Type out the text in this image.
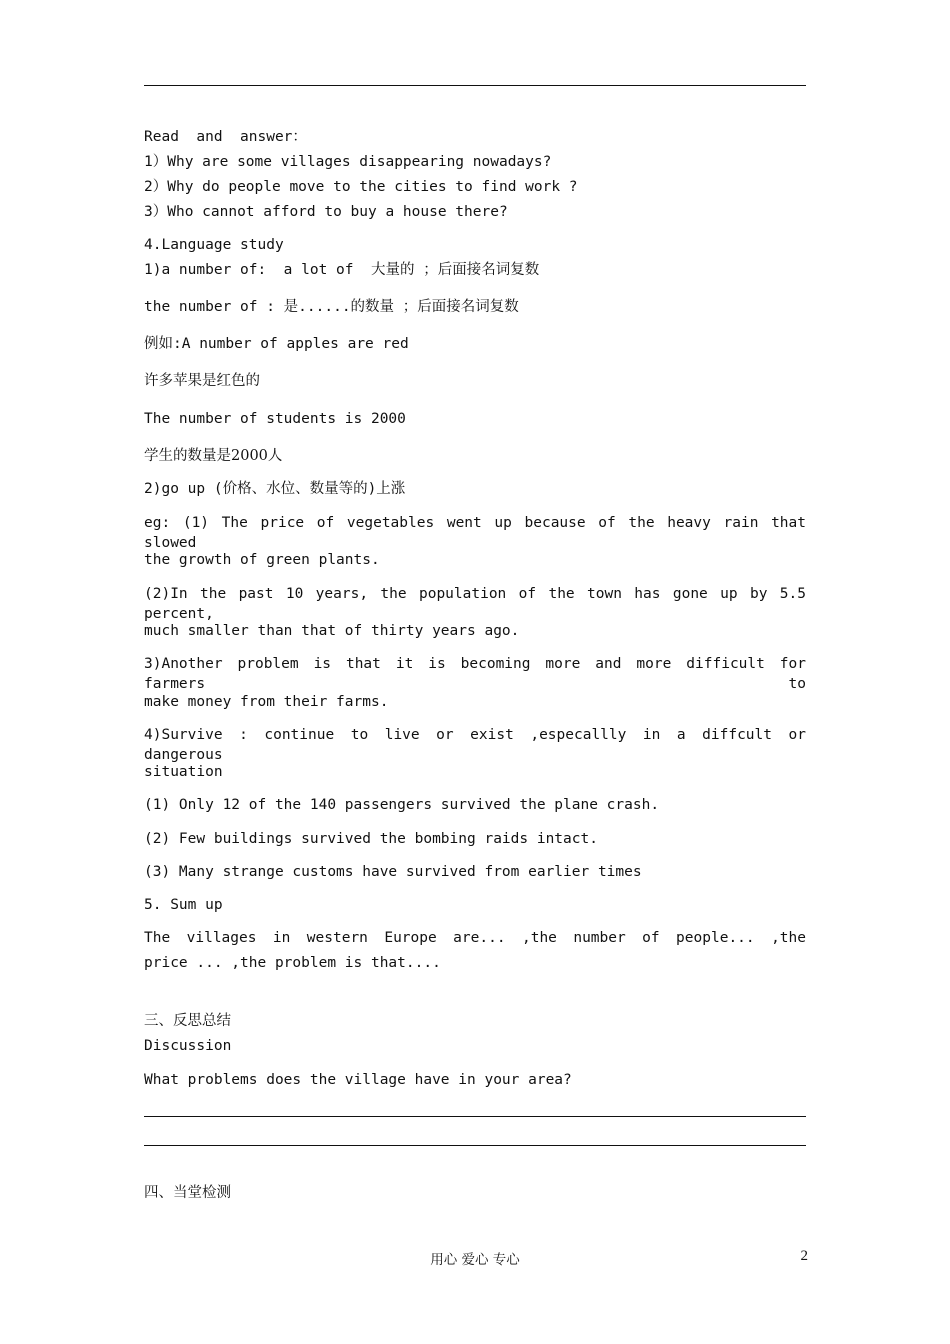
Read  and  answer：
1）Why are some villages disappearing nowadays?
2）Why do people move to the cities to find work ?
3）Who cannot afford to buy a house there?
4.Language study
1)a number of:  a lot of  大量的 ；后面接名词复数
the number of : 是......的数量 ；后面接名词复数
例如:A number of apples are red
许多苹果是红色的
The number of students is 2000
学生的数量是2000人
2)go up (价格、水位、数量等的)上涨
eg: (1) The price of vegetables went up because of the heavy rain that slowed
the growth of green plants.
(2)In the past 10 years, the population of the town has gone up by 5.5 percent,
much smaller than that of thirty years ago.
3)Another problem is that it is becoming more and more difficult for farmers to
make money from their farms.
4)Survive : continue to live or exist ,especallly in a diffcult or dangerous
situation
(1) Only 12 of the 140 passengers survived the plane crash.
(2) Few buildings survived the bombing raids intact.
(3) Many strange customs have survived from earlier times
5. Sum up
The villages in western Europe are... ,the number of people... ,the
price ... ,the problem is that....
三、反思总结
Discussion
What problems does the village have in your area?
四、当堂检测
用心 爱心 专心	2
